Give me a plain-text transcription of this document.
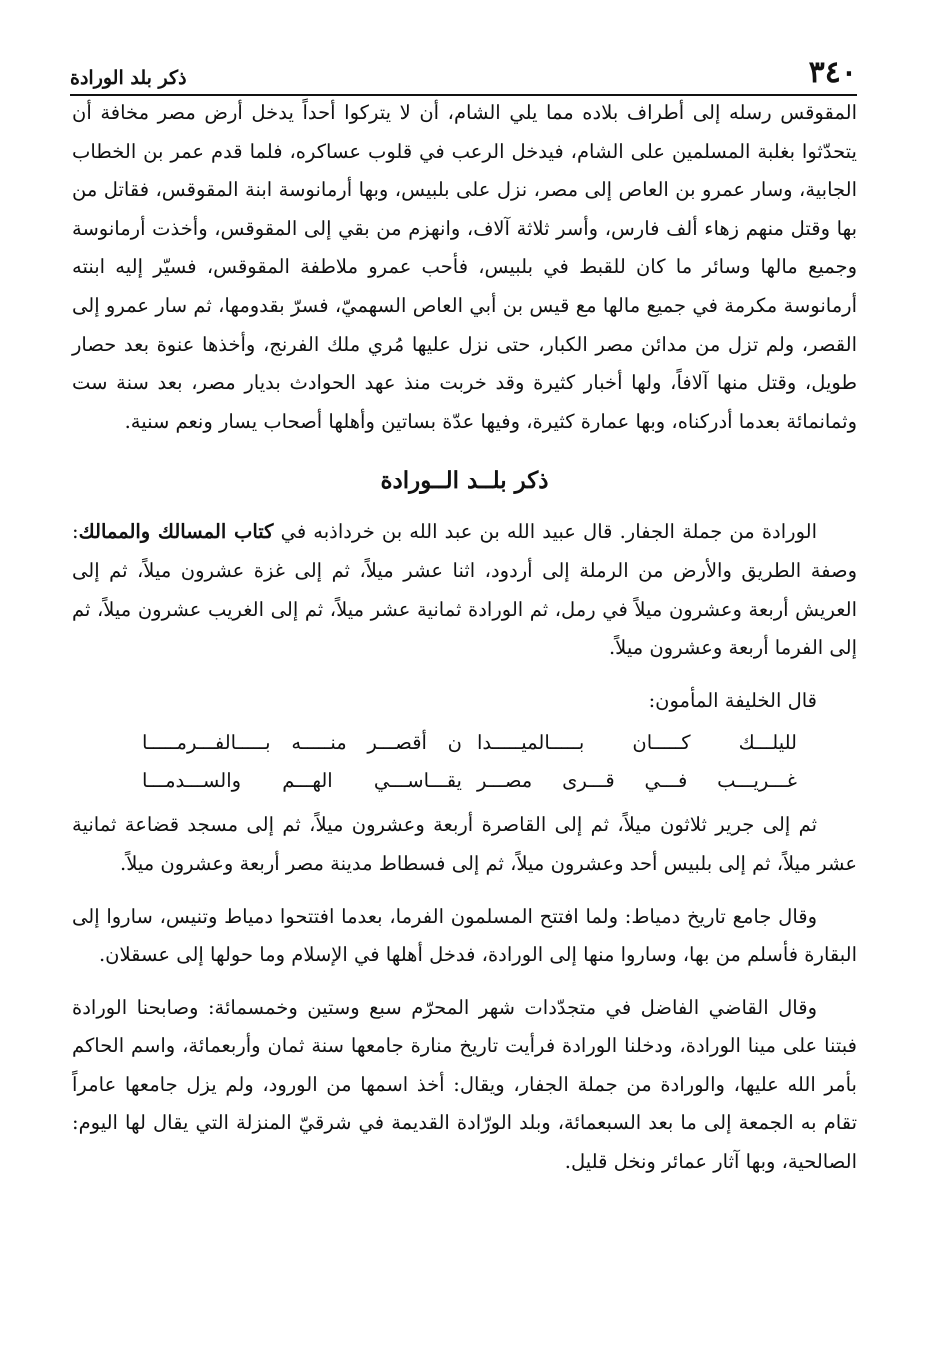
٣٤٠
ذكر بلد الورادة

المقوقس رسله إلى أطراف بلاده مما يلي الشام، أن لا يتركوا أحداً يدخل أرض مصر مخافة أن يتحدّثوا بغلبة المسلمين على الشام، فيدخل الرعب في قلوب عساكره، فلما قدم عمر بن الخطاب الجابية، وسار عمرو بن العاص إلى مصر، نزل على بلبيس، وبها أرمانوسة ابنة المقوقس، فقاتل من بها وقتل منهم زهاء ألف فارس، وأسر ثلاثة آلاف، وانهزم من بقي إلى المقوقس، وأخذت أرمانوسة وجميع مالها وسائر ما كان للقبط في بلبيس، فأحب عمرو ملاطفة المقوقس، فسيّر إليه ابنته أرمانوسة مكرمة في جميع مالها مع قيس بن أبي العاص السهميّ، فسرّ بقدومها، ثم سار عمرو إلى القصر، ولم تزل من مدائن مصر الكبار، حتى نزل عليها مُري ملك الفرنج، وأخذها عنوة بعد حصار طويل، وقتل منها آلافاً، ولها أخبار كثيرة وقد خربت منذ عهد الحوادث بديار مصر، بعد سنة ست وثمانمائة بعدما أدركناه، وبها عمارة كثيرة، وفيها عدّة بساتين وأهلها أصحاب يسار ونعم سنية.

ذكر بلــد الــورادة

الورادة من جملة الجفار. قال عبيد الله بن عبد الله بن خرداذبه في كتاب المسالك والممالك: وصفة الطريق والأرض من الرملة إلى أردود، اثنا عشر ميلاً، ثم إلى غزة عشرون ميلاً، ثم إلى العريش أربعة وعشرون ميلاً في رمل، ثم الورادة ثمانية عشر ميلاً، ثم إلى الغريب عشرون ميلاً، ثم إلى الفرما أربعة وعشرون ميلاً.

قال الخليفة المأمون:

لليلـــك كـــــان بـــــالميـــــدا
ن أقصـــر منـــــه بـــــالفـــرمـــــا
غـــريـــب فـــي قـــرى مصـــر
يقـــاســـي الهـــم والســـدمـــا

ثم إلى جرير ثلاثون ميلاً، ثم إلى القاصرة أربعة وعشرون ميلاً، ثم إلى مسجد قضاعة ثمانية عشر ميلاً، ثم إلى بلبيس أحد وعشرون ميلاً، ثم إلى فسطاط مدينة مصر أربعة وعشرون ميلاً.

وقال جامع تاريخ دمياط: ولما افتتح المسلمون الفرما، بعدما افتتحوا دمياط وتنيس، ساروا إلى البقارة فأسلم من بها، وساروا منها إلى الورادة، فدخل أهلها في الإسلام وما حولها إلى عسقلان.

وقال القاضي الفاضل في متجدّدات شهر المحرّم سبع وستين وخمسمائة: وصابحنا الورادة فبتنا على مينا الورادة، ودخلنا الورادة فرأيت تاريخ منارة جامعها سنة ثمان وأربعمائة، واسم الحاكم بأمر الله عليها، والورادة من جملة الجفار، ويقال: أخذ اسمها من الورود، ولم يزل جامعها عامراً تقام به الجمعة إلى ما بعد السبعمائة، وبلد الورّادة القديمة في شرقيّ المنزلة التي يقال لها اليوم: الصالحية، وبها آثار عمائر ونخل قليل.
